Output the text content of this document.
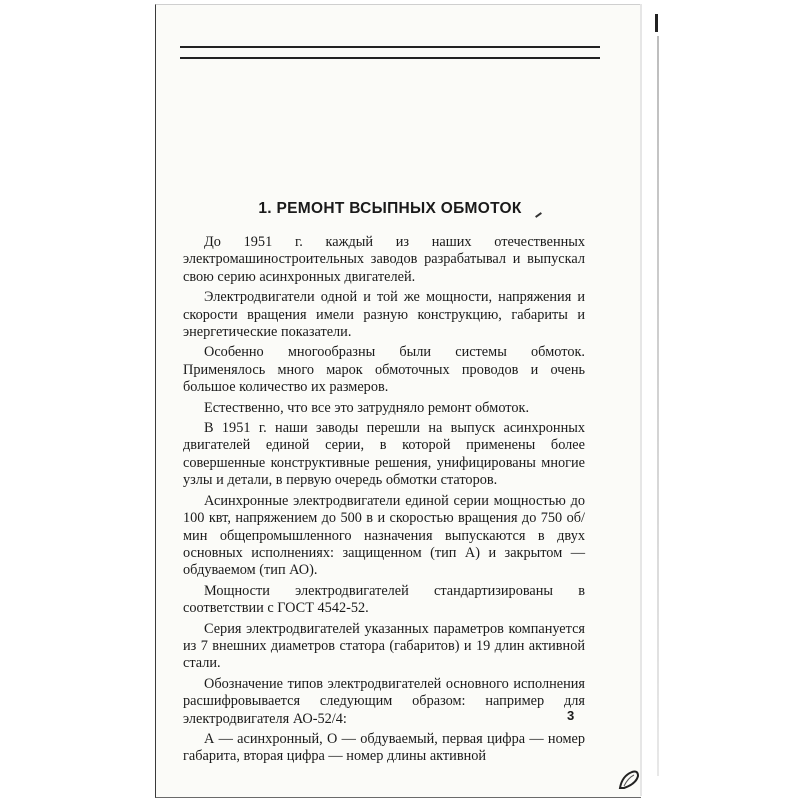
1. РЕМОНТ ВСЫПНЫХ ОБМОТОК

До 1951 г. каждый из наших отечественных электромашиностроительных заводов разрабатывал и выпускал свою серию асинхронных двигателей.

Электродвигатели одной и той же мощности, напряжения и скорости вращения имели разную конструкцию, габариты и энергетические показатели.

Особенно многообразны были системы обмоток. Применялось много марок обмоточных проводов и очень большое количество их размеров.

Естественно, что все это затрудняло ремонт обмоток.

В 1951 г. наши заводы перешли на выпуск асинхронных двигателей единой серии, в которой применены более совершенные конструктивные решения, унифицированы многие узлы и детали, в первую очередь обмотки статоров.

Асинхронные электродвигатели единой серии мощностью до 100 квт, напряжением до 500 в и скоростью вращения до 750 об/мин общепромышленного назначения выпускаются в двух основных исполнениях: защищенном (тип А) и закрытом — обдуваемом (тип АО).

Мощности электродвигателей стандартизированы в соответствии с ГОСТ 4542-52.

Серия электродвигателей указанных параметров компануется из 7 внешних диаметров статора (габаритов) и 19 длин активной стали.

Обозначение типов электродвигателей основного исполнения расшифровывается следующим образом: например для электродвигателя АО-52/4:

А — асинхронный, О — обдуваемый, первая цифра — номер габарита, вторая цифра — номер длины активной

3
